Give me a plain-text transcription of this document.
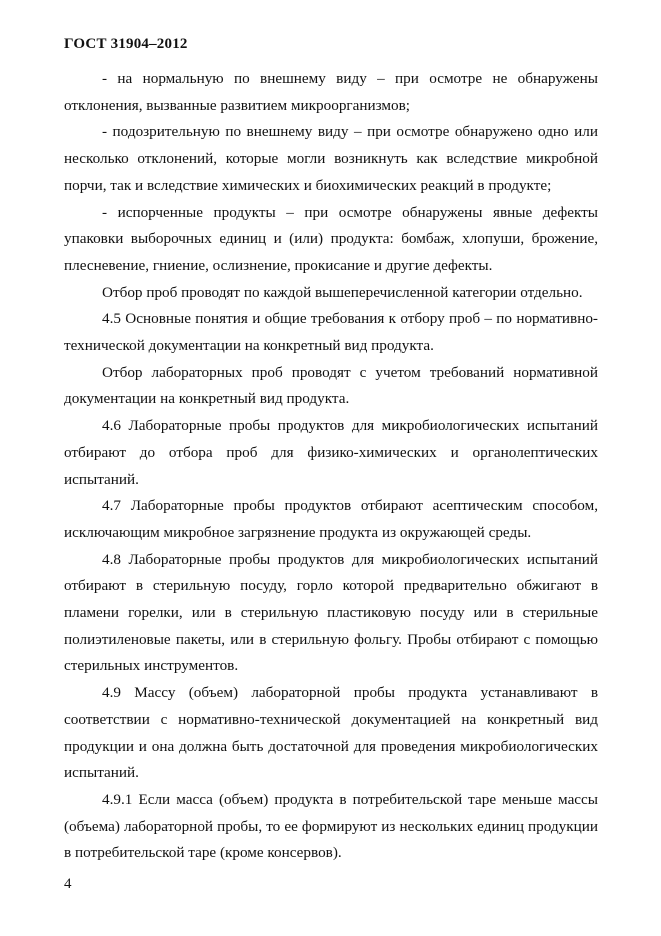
ГОСТ 31904–2012

- на нормальную по внешнему виду – при осмотре не обнаружены отклонения, вызванные развитием микроорганизмов;

- подозрительную по внешнему виду – при осмотре обнаружено одно или несколько отклонений, которые могли возникнуть как вследствие микробной порчи, так и вследствие химических и биохимических реакций в продукте;

- испорченные продукты – при осмотре обнаружены явные дефекты упаковки выборочных единиц и (или) продукта: бомбаж, хлопуши, брожение, плесневение, гниение, ослизнение, прокисание и другие дефекты.

Отбор проб проводят по каждой вышеперечисленной категории отдельно.

4.5 Основные понятия и общие требования к отбору проб – по нормативно-технической документации на конкретный вид продукта.

Отбор лабораторных проб проводят с учетом требований нормативной документации на конкретный вид продукта.

4.6 Лабораторные пробы продуктов для микробиологических испытаний отбирают до отбора проб для физико-химических и органолептических испытаний.

4.7 Лабораторные пробы продуктов отбирают асептическим способом, исключающим микробное загрязнение продукта из окружающей среды.

4.8 Лабораторные пробы продуктов для микробиологических испытаний отбирают в стерильную посуду, горло которой предварительно обжигают в пламени горелки, или в стерильную пластиковую посуду или в стерильные полиэтиленовые пакеты, или в стерильную фольгу. Пробы отбирают с помощью стерильных инструментов.

4.9 Массу (объем) лабораторной пробы продукта устанавливают в соответствии с нормативно-технической документацией на конкретный вид продукции и она должна быть достаточной для проведения микробиологических испытаний.

4.9.1 Если масса (объем) продукта в потребительской таре меньше массы (объема) лабораторной пробы, то ее формируют из нескольких единиц продукции в потребительской таре (кроме консервов).

4
